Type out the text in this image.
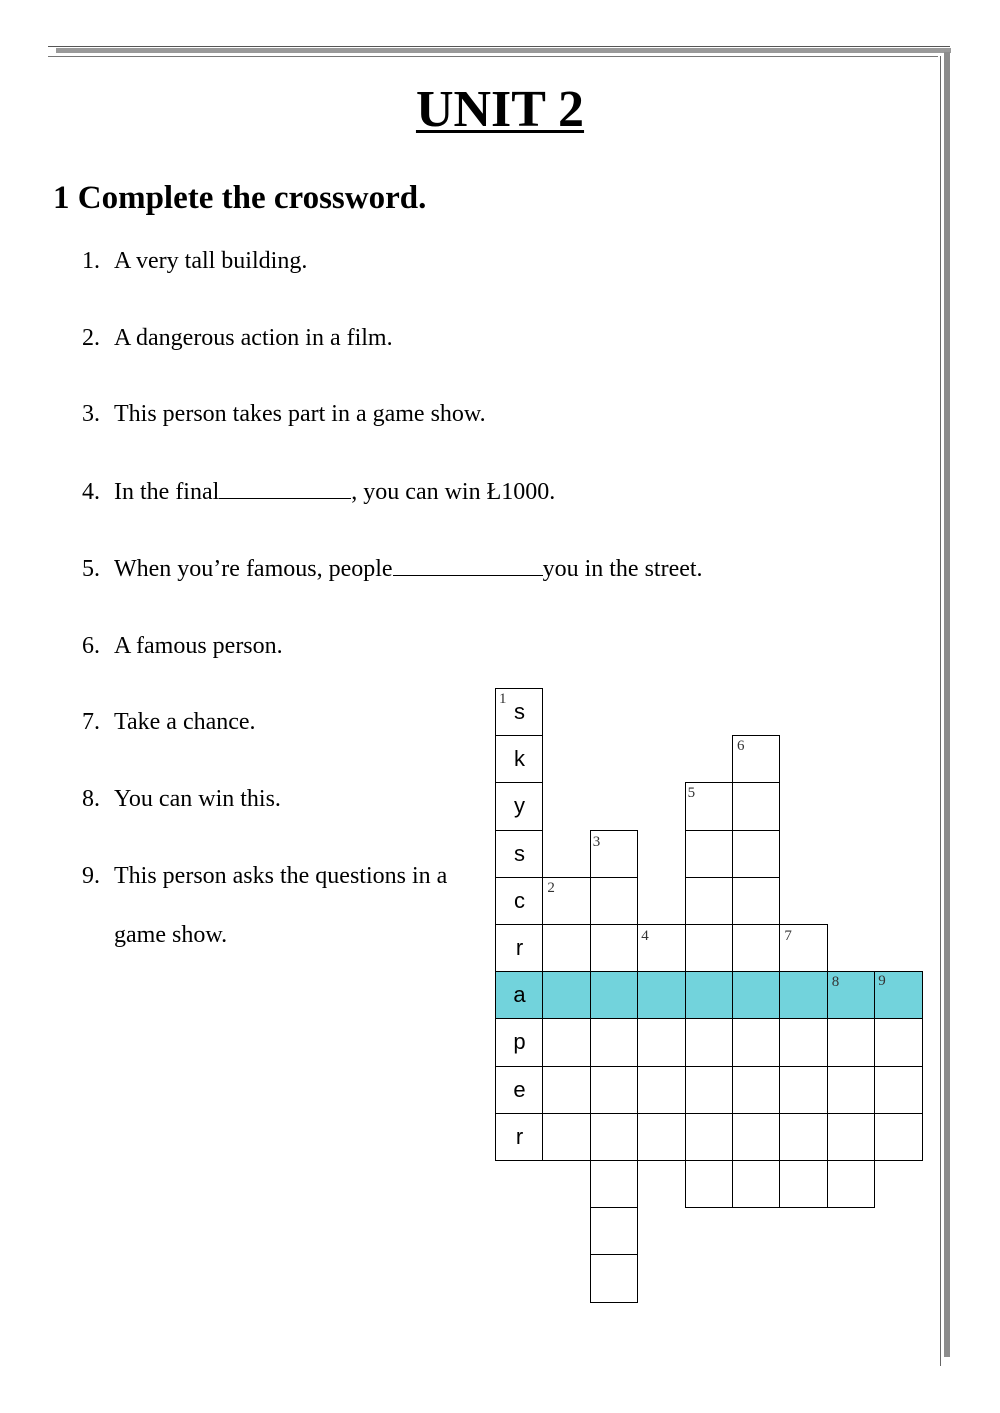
UNIT 2
1 Complete the crossword.
1. A very tall building.
2. A dangerous action in a film.
3. This person takes part in a game show.
4. In the final	, you can win Ł1000.
5. When you’re famous, people	you in the street.
6. A famous person.
7. Take a chance.
8. You can win this.
9. This person asks the questions in a
game show.
s
k
y
s
c
r
a
p
e
r
1
2
3
4
5
6
7
8	9
